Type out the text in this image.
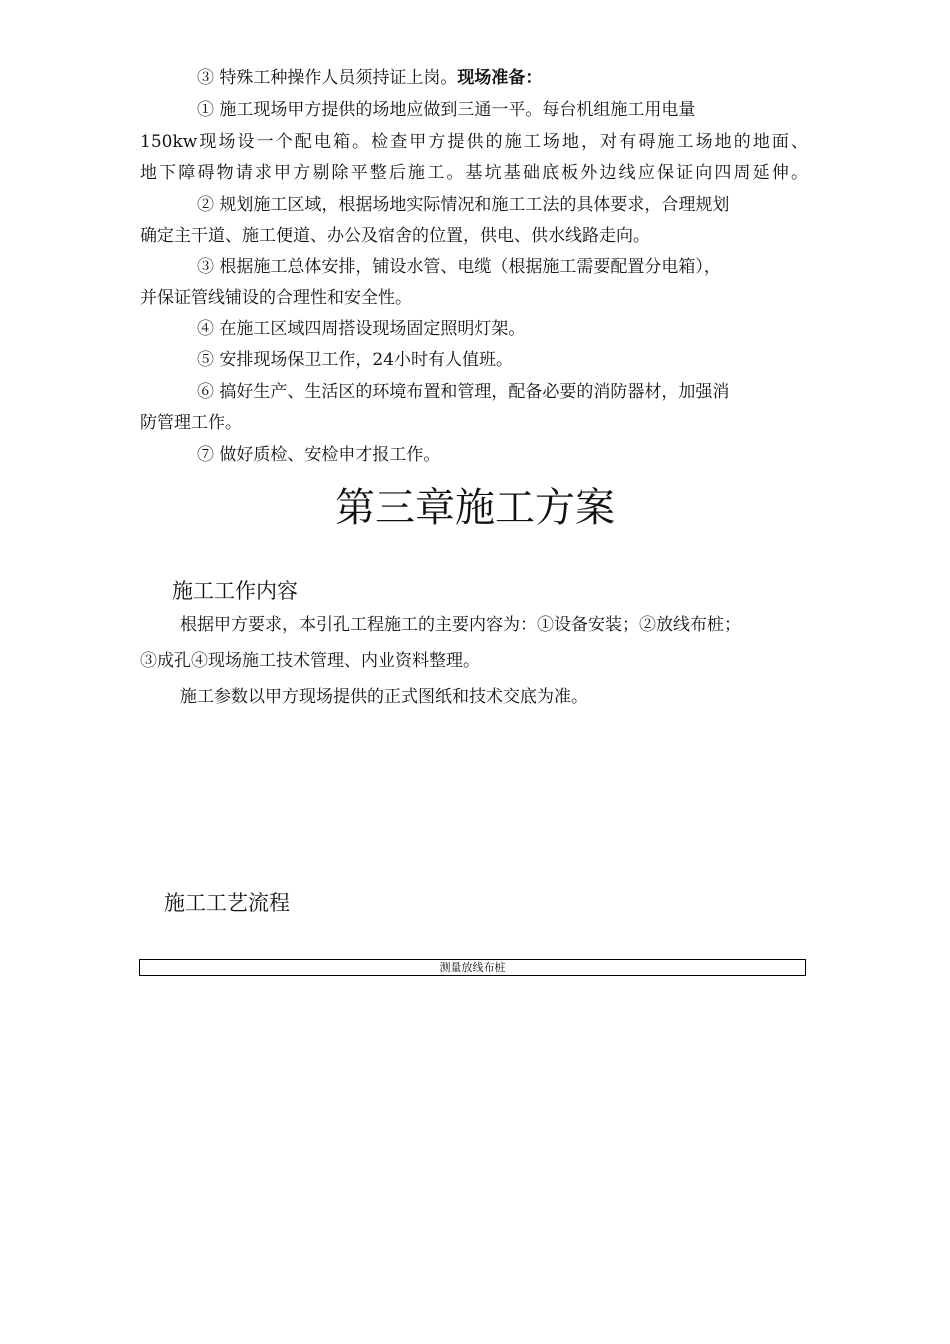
③ 特殊工种操作人员须持证上岗。现场准备：
① 施工现场甲方提供的场地应做到三通一平。每台机组施工用电量
150kw现场设一个配电箱。检查甲方提供的施工场地，对有碍施工场地的地面、
地下障碍物请求甲方剔除平整后施工。基坑基础底板外边线应保证向四周延伸。
② 规划施工区域，根据场地实际情况和施工工法的具体要求，合理规划
确定主干道、施工便道、办公及宿舍的位置，供电、供水线路走向。
③ 根据施工总体安排，铺设水管、电缆（根据施工需要配置分电箱），
并保证管线铺设的合理性和安全性。
④ 在施工区域四周搭设现场固定照明灯架。
⑤ 安排现场保卫工作，24小时有人值班。
⑥ 搞好生产、生活区的环境布置和管理，配备必要的消防器材，加强消
防管理工作。
⑦ 做好质检、安检申才报工作。
第三章施工方案
施工工作内容
根据甲方要求，本引孔工程施工的主要内容为：①设备安装；②放线布桩；
③成孔④现场施工技术管理、内业资料整理。
施工参数以甲方现场提供的正式图纸和技术交底为准。
施工工艺流程
测量放线布桩
